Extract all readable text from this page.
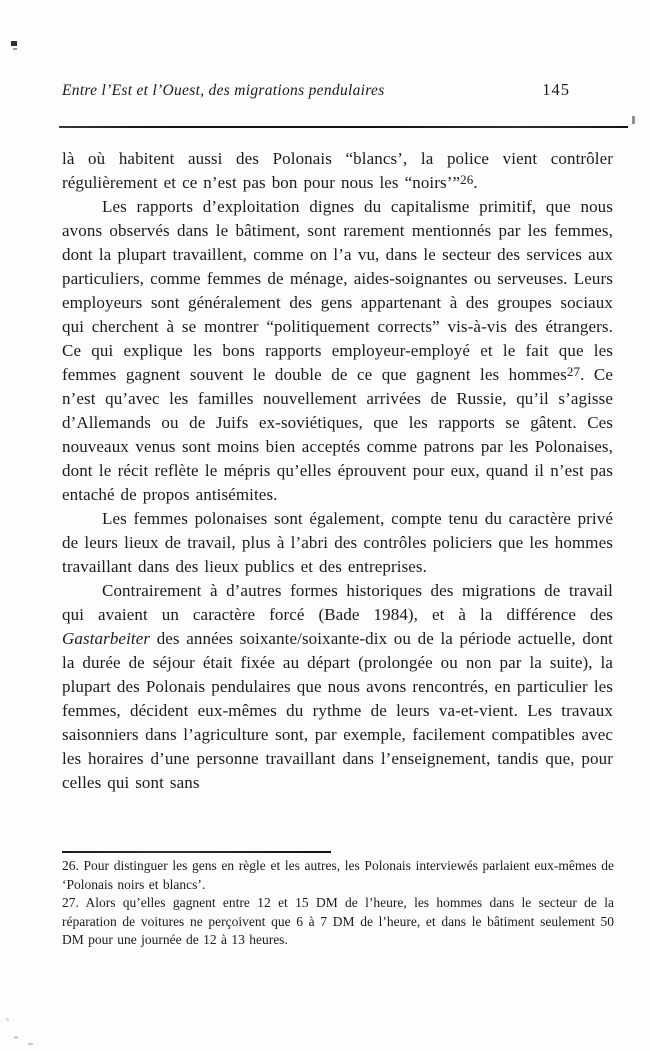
Entre l’Est et l’Ouest, des migrations pendulaires	145

là où habitent aussi des Polonais “blancs’, la police vient contrôler régulièrement et ce n’est pas bon pour nous les “noirs’”$^{26}$.

Les rapports d’exploitation dignes du capitalisme primitif, que nous avons observés dans le bâtiment, sont rarement mentionnés par les femmes, dont la plupart travaillent, comme on l’a vu, dans le secteur des services aux particuliers, comme femmes de ménage, aides-soignantes ou serveuses. Leurs employeurs sont généralement des gens appartenant à des groupes sociaux qui cherchent à se montrer “politiquement corrects” vis-à-vis des étrangers. Ce qui explique les bons rapports employeur-employé et le fait que les femmes gagnent souvent le double de ce que gagnent les hommes$^{27}$. Ce n’est qu’avec les familles nouvellement arrivées de Russie, qu’il s’agisse d’Allemands ou de Juifs ex-soviétiques, que les rapports se gâtent. Ces nouveaux venus sont moins bien acceptés comme patrons par les Polonaises, dont le récit reflète le mépris qu’elles éprouvent pour eux, quand il n’est pas entaché de propos antisémites.

Les femmes polonaises sont également, compte tenu du caractère privé de leurs lieux de travail, plus à l’abri des contrôles policiers que les hommes travaillant dans des lieux publics et des entreprises.

Contrairement à d’autres formes historiques des migrations de travail qui avaient un caractère forcé (Bade 1984), et à la différence des Gastarbeiter des années soixante/soixante-dix ou de la période actuelle, dont la durée de séjour était fixée au départ (prolongée ou non par la suite), la plupart des Polonais pendulaires que nous avons rencontrés, en particulier les femmes, décident eux-mêmes du rythme de leurs va-et-vient. Les travaux saisonniers dans l’agriculture sont, par exemple, facilement compatibles avec les horaires d’une personne travaillant dans l’enseignement, tandis que, pour celles qui sont sans

26. Pour distinguer les gens en règle et les autres, les Polonais interviewés parlaient eux-mêmes de ‘Polonais noirs et blancs’.

27. Alors qu’elles gagnent entre 12 et 15 DM de l’heure, les hommes dans le secteur de la réparation de voitures ne perçoivent que 6 à 7 DM de l’heure, et dans le bâtiment seulement 50 DM pour une journée de 12 à 13 heures.
